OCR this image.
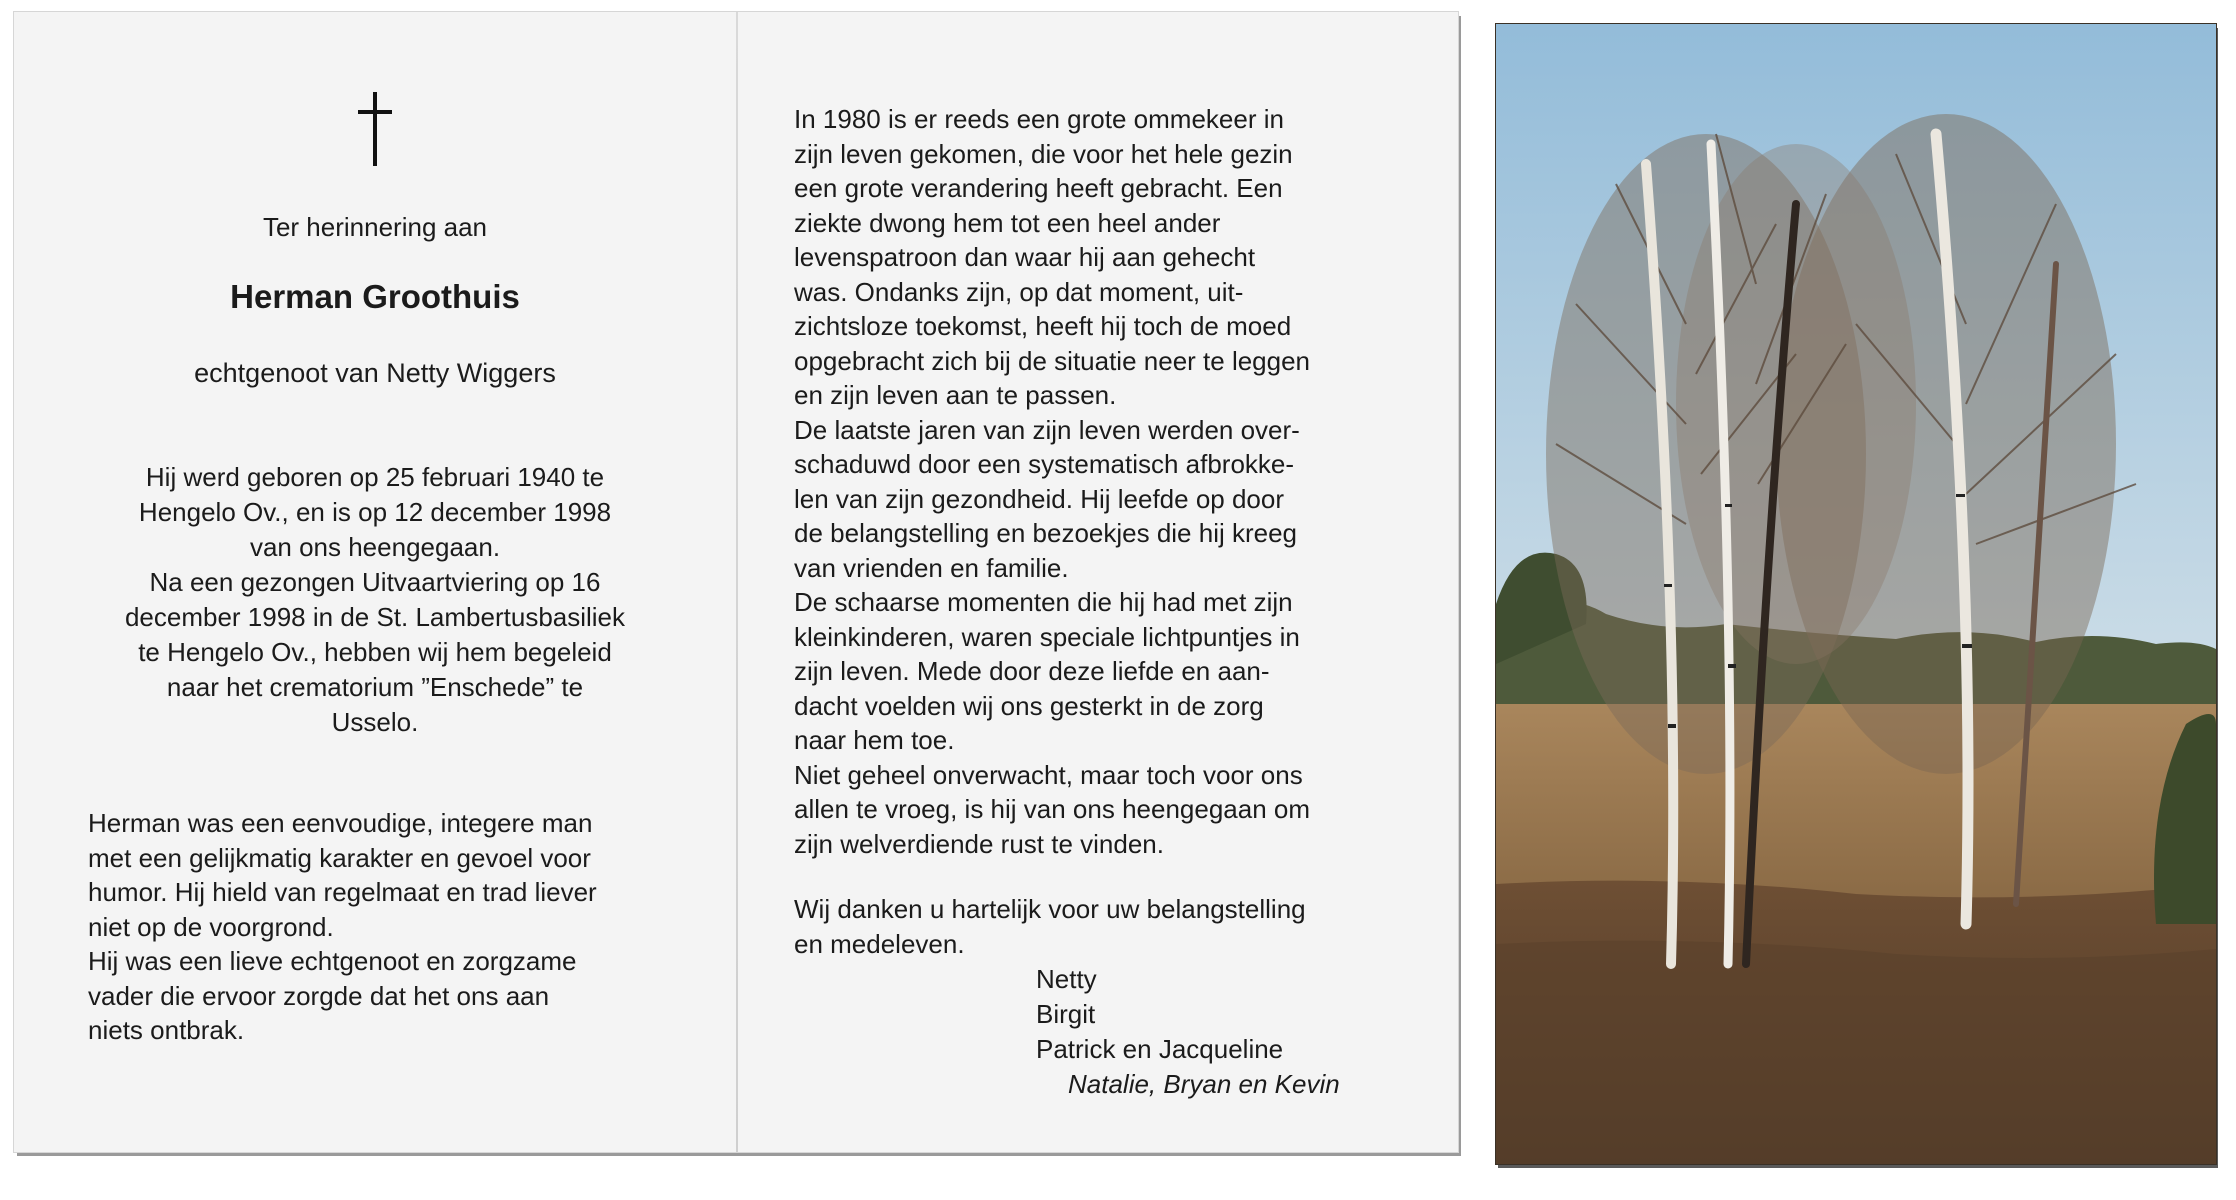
Ter herinnering aan
Herman Groothuis
echtgenoot van Netty Wiggers

Hij werd geboren op 25 februari 1940 te

Hengelo Ov., en is op 12 december 1998

van ons heengegaan.

Na een gezongen Uitvaartviering op 16

december 1998 in de St. Lambertusbasiliek

te Hengelo Ov., hebben wij hem begeleid

naar het crematorium ”Enschede” te

Usselo.

Herman was een eenvoudige, integere man

met een gelijkmatig karakter en gevoel voor

humor. Hij hield van regelmaat en trad liever

niet op de voorgrond.

Hij was een lieve echtgenoot en zorgzame

vader die ervoor zorgde dat het ons aan

niets ontbrak.

In 1980 is er reeds een grote ommekeer in

zijn leven gekomen, die voor het hele gezin

een grote verandering heeft gebracht. Een

ziekte dwong hem tot een heel ander

levenspatroon dan waar hij aan gehecht

was. Ondanks zijn, op dat moment, uit-

zichtsloze toekomst, heeft hij toch de moed

opgebracht zich bij de situatie neer te leggen

en zijn leven aan te passen.

De laatste jaren van zijn leven werden over-

schaduwd door een systematisch afbrokke-

len van zijn gezondheid. Hij leefde op door

de belangstelling en bezoekjes die hij kreeg

van vrienden en familie.

De schaarse momenten die hij had met zijn

kleinkinderen, waren speciale lichtpuntjes in

zijn leven. Mede door deze liefde en aan-

dacht voelden wij ons gesterkt in de zorg

naar hem toe.

Niet geheel onverwacht, maar toch voor ons

allen te vroeg, is hij van ons heengegaan om

zijn welverdiende rust te vinden.

Wij danken u hartelijk voor uw belangstelling

en medeleven.

Netty
Birgit
Patrick en Jacqueline
Natalie, Bryan en Kevin
